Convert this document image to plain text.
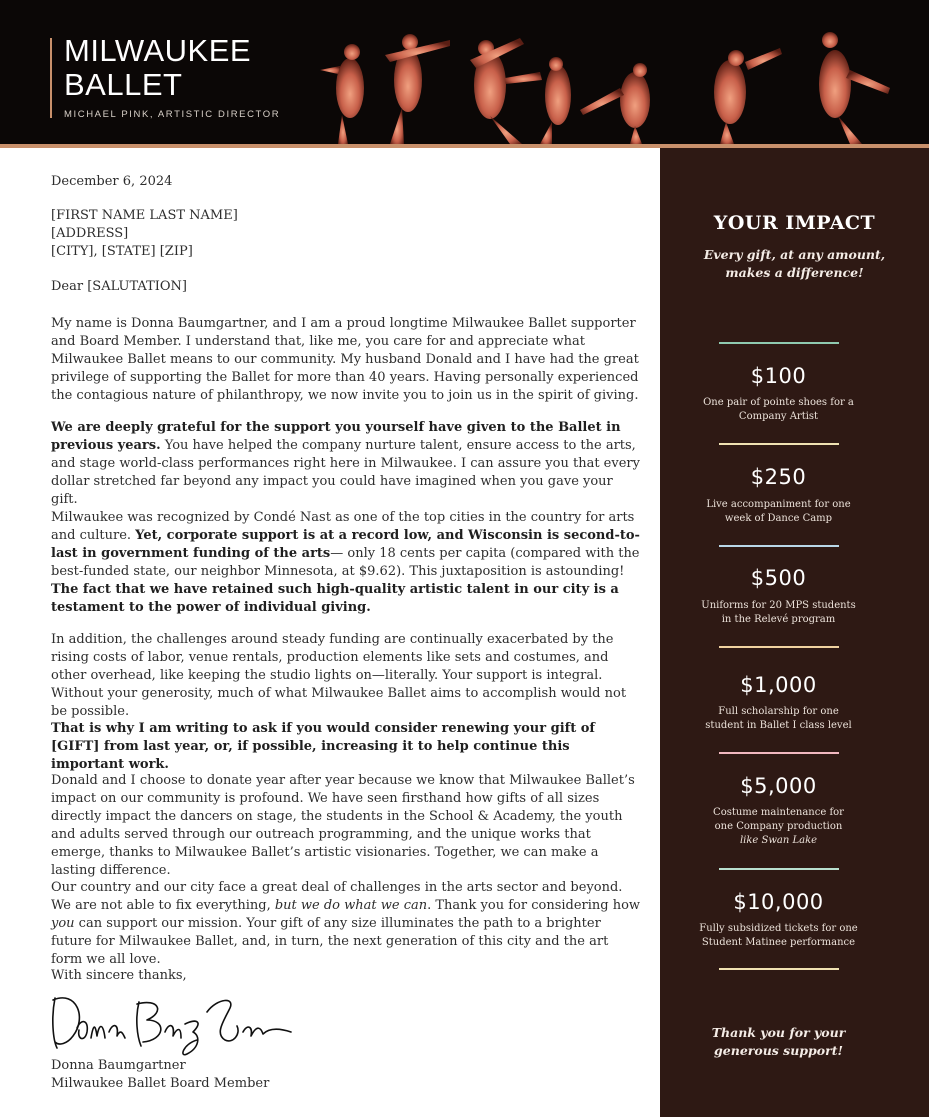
MILWAUKEE
BALLET
MICHAEL PINK, ARTISTIC DIRECTOR

December 6, 2024

[FIRST NAME LAST NAME]
[ADDRESS]
[CITY], [STATE] [ZIP]

Dear [SALUTATION]

My name is Donna Baumgartner, and I am a proud longtime Milwaukee Ballet supporter and Board Member. I understand that, like me, you care for and appreciate what Milwaukee Ballet means to our community. My husband Donald and I have had the great privilege of supporting the Ballet for more than 40 years. Having personally experienced the contagious nature of philanthropy, we now invite you to join us in the spirit of giving.

We are deeply grateful for the support you yourself have given to the Ballet in previous years. You have helped the company nurture talent, ensure access to the arts, and stage world-class performances right here in Milwaukee. I can assure you that every dollar stretched far beyond any impact you could have imagined when you gave your gift.

Milwaukee was recognized by Condé Nast as one of the top cities in the country for arts and culture. Yet, corporate support is at a record low, and Wisconsin is second-to-last in government funding of the arts— only 18 cents per capita (compared with the best-funded state, our neighbor Minnesota, at $9.62). This juxtaposition is astounding! The fact that we have retained such high-quality artistic talent in our city is a testament to the power of individual giving.

In addition, the challenges around steady funding are continually exacerbated by the rising costs of labor, venue rentals, production elements like sets and costumes, and other overhead, like keeping the studio lights on—literally. Your support is integral. Without your generosity, much of what Milwaukee Ballet aims to accomplish would not be possible.

That is why I am writing to ask if you would consider renewing your gift of [GIFT] from last year, or, if possible, increasing it to help continue this important work.

Donald and I choose to donate year after year because we know that Milwaukee Ballet’s impact on our community is profound. We have seen firsthand how gifts of all sizes directly impact the dancers on stage, the students in the School & Academy, the youth and adults served through our outreach programming, and the unique works that emerge, thanks to Milwaukee Ballet’s artistic visionaries. Together, we can make a lasting difference.

Our country and our city face a great deal of challenges in the arts sector and beyond. We are not able to fix everything, but we do what we can. Thank you for considering how you can support our mission. Your gift of any size illuminates the path to a brighter future for Milwaukee Ballet, and, in turn, the next generation of this city and the art form we all love.

With sincere thanks,

Donna Baumgartner
Milwaukee Ballet Board Member
YOUR IMPACT
Every gift, at any amount,
makes a difference!
$100
One pair of pointe shoes for a
Company Artist
$250
Live accompaniment for one
week of Dance Camp
$500
Uniforms for 20 MPS students
in the Relevé program
$1,000
Full scholarship for one
student in Ballet I class level
$5,000
Costume maintenance for
one Company production
like Swan Lake
$10,000
Fully subsidized tickets for one
Student Matinee performance
Thank you for your
generous support!
